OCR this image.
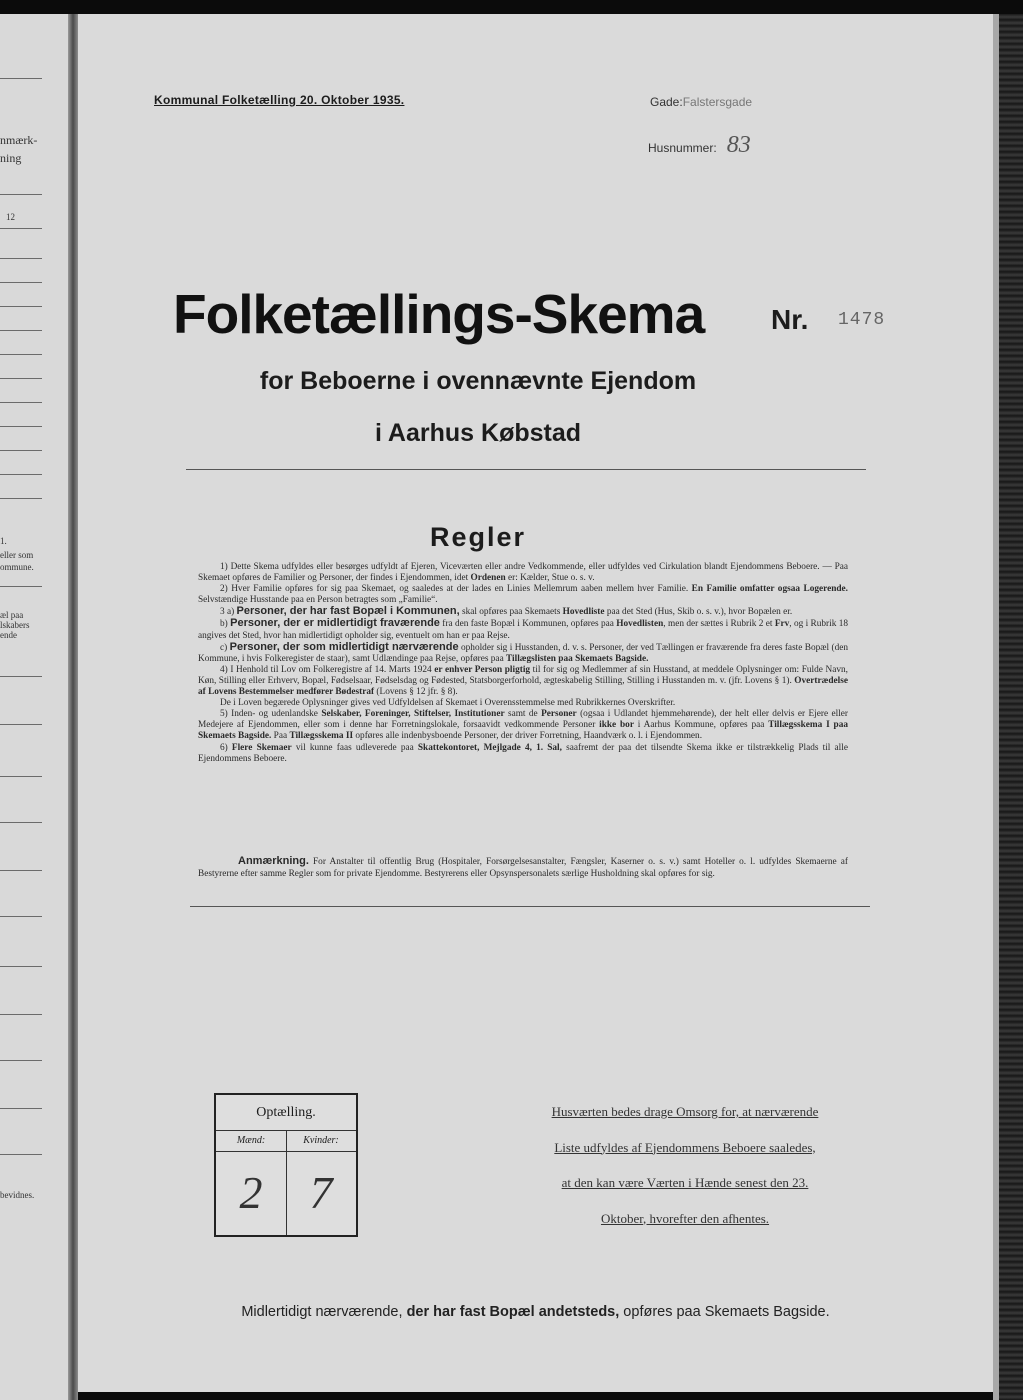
nmærk-
ning
12
1.
eller som
ommune.
æl paa
lskabers
ende
bevidnes.
Kommunal Folketælling 20. Oktober 1935.	Gade:Falstersgade
Husnummer: 83
Folketællings-Skema Nr. 1478
for Beboerne i ovennævnte Ejendom
i Aarhus Købstad
Regler

1) Dette Skema udfyldes eller besørges udfyldt af Ejeren, Viceværten eller andre Vedkommende, eller udfyldes ved Cirkulation blandt Ejendommens Beboere. — Paa Skemaet opføres de Familier og Personer, der findes i Ejendommen, idet Ordenen er: Kælder, Stue o. s. v.

2) Hver Familie opføres for sig paa Skemaet, og saaledes at der lades en Linies Mellemrum aaben mellem hver Familie. En Familie omfatter ogsaa Logerende. Selvstændige Husstande paa en Person betragtes som „Familie“.

3 a) Personer, der har fast Bopæl i Kommunen, skal opføres paa Skemaets Hovedliste paa det Sted (Hus, Skib o. s. v.), hvor Bopælen er.

b) Personer, der er midlertidigt fraværende fra den faste Bopæl i Kommunen, opføres paa Hovedlisten, men der sættes i Rubrik 2 et Frv, og i Rubrik 18 angives det Sted, hvor han midlertidigt opholder sig, eventuelt om han er paa Rejse.

c) Personer, der som midlertidigt nærværende opholder sig i Husstanden, d. v. s. Personer, der ved Tællingen er fraværende fra deres faste Bopæl (den Kommune, i hvis Folkeregister de staar), samt Udlændinge paa Rejse, opføres paa Tillægslisten paa Skemaets Bagside.

4) I Henhold til Lov om Folkeregistre af 14. Marts 1924 er enhver Person pligtig til for sig og Medlemmer af sin Husstand, at meddele Oplysninger om: Fulde Navn, Køn, Stilling eller Erhverv, Bopæl, Fødselsaar, Fødselsdag og Fødested, Statsborgerforhold, ægteskabelig Stilling, Stilling i Husstanden m. v. (jfr. Lovens § 1). Overtrædelse af Lovens Bestemmelser medfører Bødestraf (Lovens § 12 jfr. § 8).

De i Loven begærede Oplysninger gives ved Udfyldelsen af Skemaet i Overensstemmelse med Rubrikkernes Overskrifter.

5) Inden- og udenlandske Selskaber, Foreninger, Stiftelser, Institutioner samt de Personer (ogsaa i Udlandet hjemmehørende), der helt eller delvis er Ejere eller Medejere af Ejendommen, eller som i denne har Forretningslokale, forsaavidt vedkommende Personer ikke bor i Aarhus Kommune, opføres paa Tillægsskema I paa Skemaets Bagside. Paa Tillægsskema II opføres alle indenbysboende Personer, der driver Forretning, Haandværk o. l. i Ejendommen.

6) Flere Skemaer vil kunne faas udleverede paa Skattekontoret, Mejlgade 4, 1. Sal, saafremt der paa det tilsendte Skema ikke er tilstrækkelig Plads til alle Ejendommens Beboere.

Anmærkning. For Anstalter til offentlig Brug (Hospitaler, Forsørgelsesanstalter, Fængsler, Kaserner o. s. v.) samt Hoteller o. l. udfyldes Skemaerne af Bestyrerne efter samme Regler som for private Ejendomme. Bestyrerens eller Opsynspersonalets særlige Husholdning skal opføres for sig.
Optælling.
Mænd:
2
Kvinder:
7
Husværten bedes drage Omsorg for, at nærværende
Liste udfyldes af Ejendommens Beboere saaledes,
at den kan være Værten i Hænde senest den 23.
Oktober, hvorefter den afhentes.
Midlertidigt nærværende, der har fast Bopæl andetsteds, opføres paa Skemaets Bagside.
